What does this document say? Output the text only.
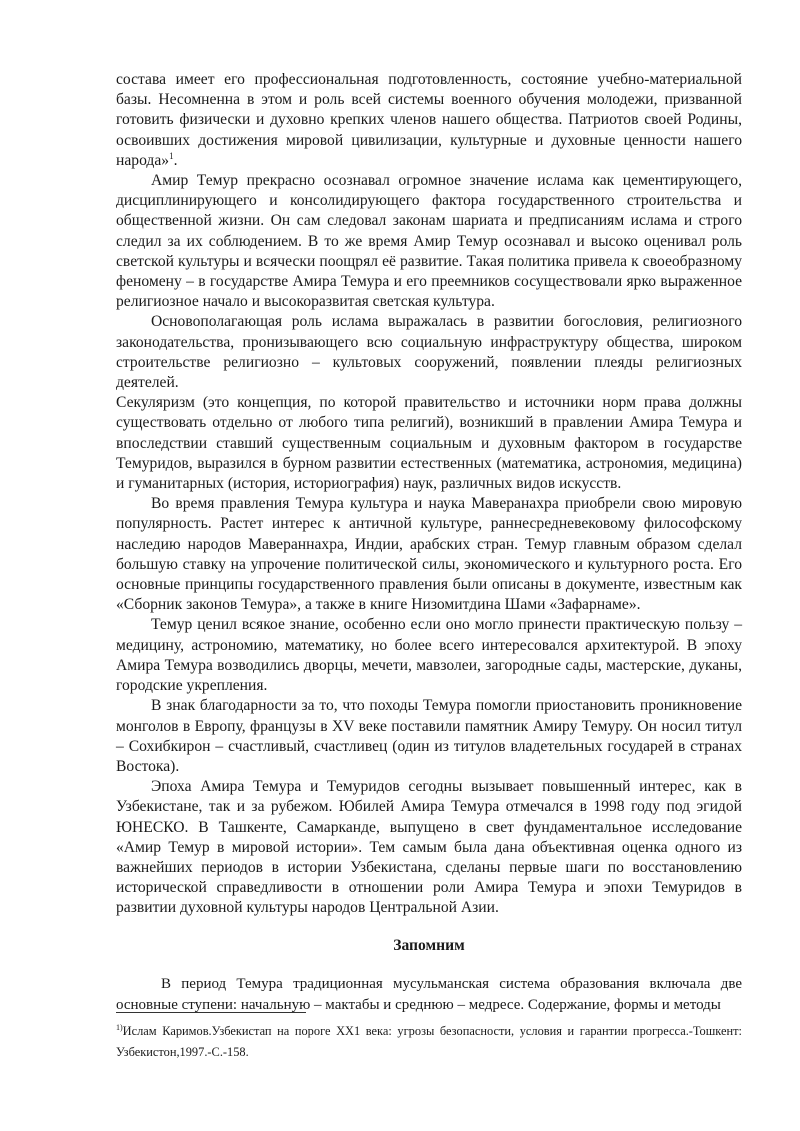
состава имеет его профессиональная подготовленность, состояние учебно-материальной базы. Несомненна в этом и роль всей системы военного обучения молодежи, призванной готовить физически и духовно крепких членов нашего общества. Патриотов своей Родины, освоивших достижения мировой цивилизации, культурные и духовные ценности нашего народа»$^1$.

Амир Темур прекрасно осознавал огромное значение ислама как цементирующего, дисциплинирующего и консолидирующего фактора государственного строительства и общественной жизни. Он сам следовал законам шариата и предписаниям ислама и строго следил за их соблюдением. В то же время Амир Темур осознавал и высоко оценивал роль светской культуры и всячески поощрял её развитие. Такая политика привела к своеобразному феномену – в государстве Амира Темура и его преемников сосуществовали ярко выраженное религиозное начало и высокоразвитая светская культура.

Основополагающая роль ислама выражалась в развитии богословия, религиозного законодательства, пронизывающего всю социальную инфраструктуру общества, широком строительстве религиозно – культовых сооружений, появлении плеяды религиозных деятелей.

Секуляризм (это концепция, по которой правительство и источники норм права должны существовать отдельно от любого типа религий), возникший в правлении Амира Темура и впоследствии ставший существенным социальным и духовным фактором в государстве Темуридов, выразился в бурном развитии естественных (математика, астрономия, медицина) и гуманитарных (история, историография) наук, различных видов искусств.

Во время правления Темура культура и наука Маверанахра приобрели свою мировую популярность. Растет интерес к античной культуре, раннесредневековому философскому наследию народов Мавераннахра, Индии, арабских стран. Темур главным образом сделал большую ставку на упрочение политической силы, экономического и культурного роста. Его основные принципы государственного правления были описаны в документе, известным как «Сборник законов Темура», а также в книге Низомитдина Шами «Зафарнаме».

Темур ценил всякое знание, особенно если оно могло принести практическую пользу – медицину, астрономию, математику, но более всего интересовался архитектурой. В эпоху Амира Темура возводились дворцы, мечети, мавзолеи, загородные сады, мастерские, дуканы, городские укрепления.

В знак благодарности за то, что походы Темура помогли приостановить проникновение монголов в Европу, французы в XV веке поставили памятник Амиру Темуру. Он носил титул – Сохибкирон – счастливый, счастливец (один из титулов владетельных государей в странах Востока).

Эпоха Амира Темура и Темуридов сегодны вызывает повышенный интерес, как в Узбекистане, так и за рубежом. Юбилей Амира Темура отмечался в 1998 году под эгидой ЮНЕСКО. В Ташкенте, Самарканде, выпущено в свет фундаментальное исследование «Амир Темур в мировой истории». Тем самым была дана объективная оценка одного из важнейших периодов в истории Узбекистана, сделаны первые шаги по восстановлению исторической справедливости в отношении роли Амира Темура и эпохи Темуридов в развитии духовной культуры народов Центральной Азии.

Запомним

В период Темура традиционная мусульманская система образования включала две основные ступени: начальную – мактабы и среднюю – медресе. Содержание, формы и методы

$^{1)}$Ислам Каримов.Узбекистап на пороге XX1 века: угрозы безопасности, условия и гарантии прогресса.-Тошкент: Узбекистон,1997.-С.-158.
